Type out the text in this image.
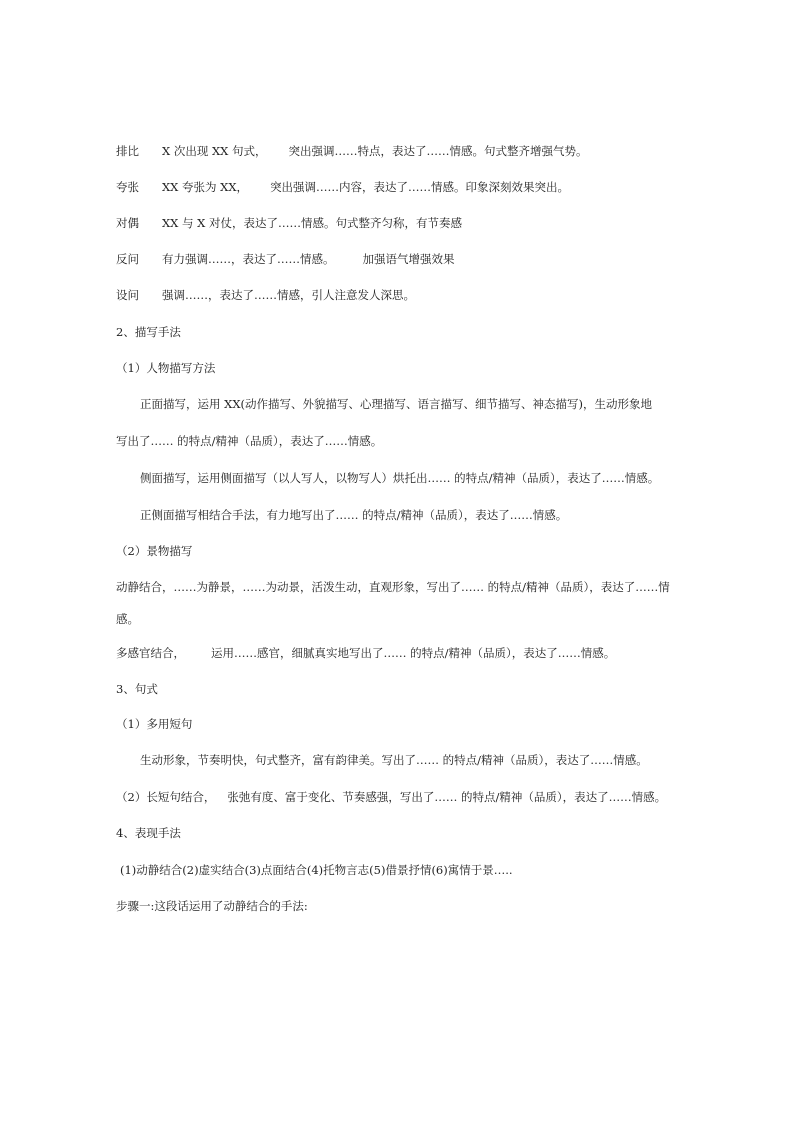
排比 X 次出现 XX 句式， 突出强调……特点，表达了……情感。句式整齐增强气势。
夸张 XX 夸张为 XX， 突出强调……内容，表达了……情感。印象深刻效果突出。
对偶 XX 与 X 对仗，表达了……情感。句式整齐匀称，有节奏感
反问 有力强调……，表达了……情感。 加强语气增强效果
设问 强调……，表达了……情感，引人注意发人深思。
2、描写手法
（1）人物描写方法
正面描写，运用 XX(动作描写、外貌描写、心理描写、语言描写、细节描写、神态描写)，生动形象地
写出了…… 的特点/精神（品质），表达了……情感。
侧面描写，运用侧面描写（以人写人，以物写人）烘托出…… 的特点/精神（品质），表达了……情感。
正侧面描写相结合手法，有力地写出了…… 的特点/精神（品质），表达了……情感。
（2）景物描写
动静结合，……为静景，……为动景，活泼生动，直观形象，写出了…… 的特点/精神（品质），表达了……情
感。
多感官结合， 运用……感官，细腻真实地写出了…… 的特点/精神（品质），表达了……情感。
3、句式
（1）多用短句
生动形象，节奏明快，句式整齐，富有韵律美。写出了…… 的特点/精神（品质），表达了……情感。
（2）长短句结合， 张弛有度、富于变化、节奏感强，写出了…… 的特点/精神（品质），表达了……情感。
4、表现手法
(1)动静结合(2)虚实结合(3)点面结合(4)托物言志(5)借景抒情(6)寓情于景…..
步骤一:这段话运用了动静结合的手法:
